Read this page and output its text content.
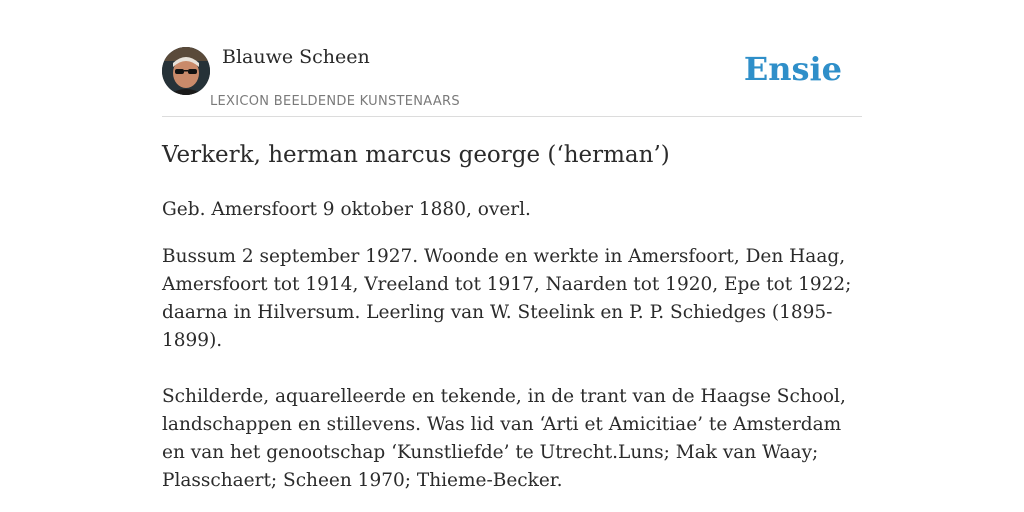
Blauwe Scheen
LEXICON BEELDENDE KUNSTENAARS
Ensie
Verkerk, herman marcus george (‘herman’)

Geb. Amersfoort 9 oktober 1880, overl.

Bussum 2 september 1927. Woonde en werkte in Amersfoort, Den Haag, Amersfoort tot 1914, Vreeland tot 1917, Naarden tot 1920, Epe tot 1922; daarna in Hilversum. Leerling van W. Steelink en P. P. Schiedges (1895-1899).

Schilderde, aquarelleerde en tekende, in de trant van de Haagse School, landschappen en stillevens. Was lid van ‘Arti et Amicitiae’ te Amsterdam en van het genootschap ‘Kunstliefde’ te Utrecht.Luns; Mak van Waay; Plasschaert; Scheen 1970; Thieme-Becker.
